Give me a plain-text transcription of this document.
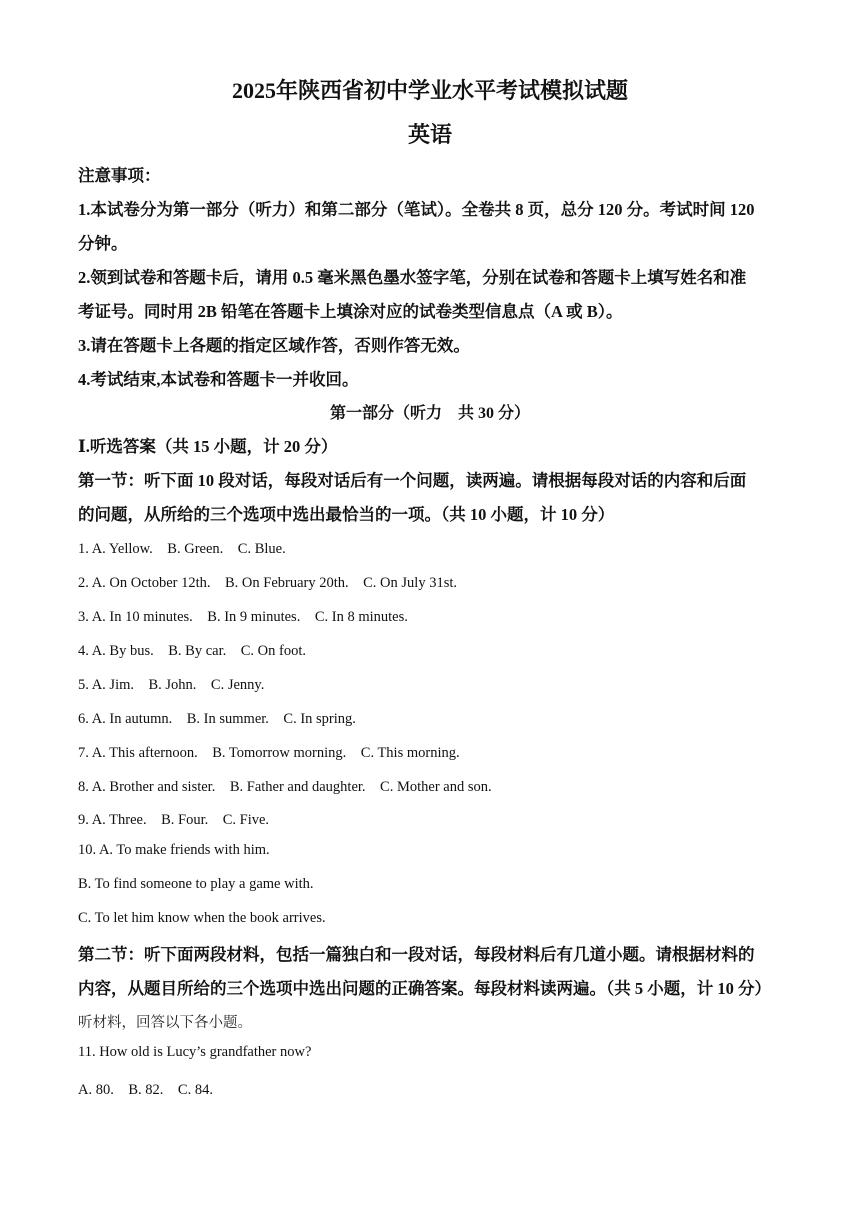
2025年陕西省初中学业水平考试模拟试题
英语
注意事项：
1.本试卷分为第一部分（听力）和第二部分（笔试）。全卷共 8 页，总分 120 分。考试时间 120
分钟。
2.领到试卷和答题卡后，请用 0.5 毫米黑色墨水签字笔，分别在试卷和答题卡上填写姓名和准
考证号。同时用 2B 铅笔在答题卡上填涂对应的试卷类型信息点（A 或 B）。
3.请在答题卡上各题的指定区域作答，否则作答无效。
4.考试结束,本试卷和答题卡一并收回。
第一部分（听力　共 30 分）
Ⅰ.听选答案（共 15 小题，计 20 分）
第一节：听下面 10 段对话，每段对话后有一个问题，读两遍。请根据每段对话的内容和后面
的问题，从所给的三个选项中选出最恰当的一项。（共 10 小题，计 10 分）
1. A. Yellow.　B. Green.　C. Blue.
2. A. On October 12th.　B. On February 20th.　C. On July 31st.
3. A. In 10 minutes.　B. In 9 minutes.　C. In 8 minutes.
4. A. By bus.　B. By car.　C. On foot.
5. A. Jim.　B. John.　C. Jenny.
6. A. In autumn.　B. In summer.　C. In spring.
7. A. This afternoon.　B. Tomorrow morning.　C. This morning.
8. A. Brother and sister.　B. Father and daughter.　C. Mother and son.
9. A. Three.　B. Four.　C. Five.
10. A. To make friends with him.
B. To find someone to play a game with.
C. To let him know when the book arrives.
第二节：听下面两段材料，包括一篇独白和一段对话，每段材料后有几道小题。请根据材料的
内容，从题目所给的三个选项中选出问题的正确答案。每段材料读两遍。（共 5 小题，计 10 分）
听材料，回答以下各小题。
11. How old is Lucy’s grandfather now?
A. 80.　B. 82.　C. 84.
